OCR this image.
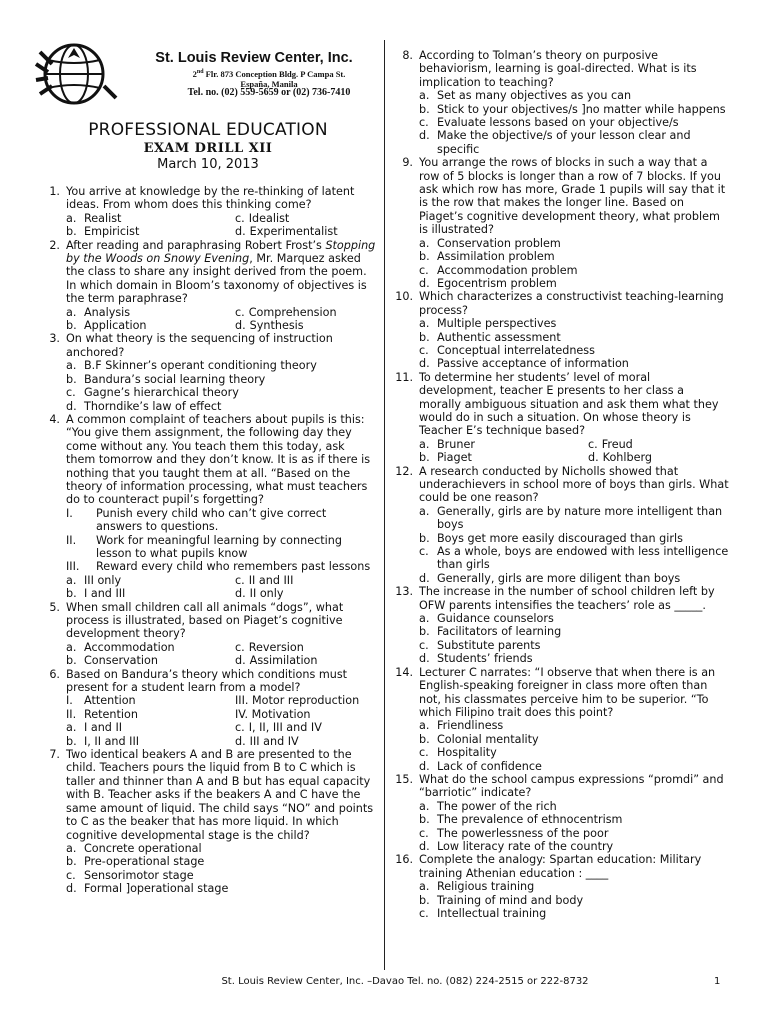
St. Louis Review Center, Inc.
2nd Flr. 873 Conception Bldg. P Campa St.
España, Manila
Tel. no. (02) 559-5659 or (02) 736-7410
PROFESSIONAL EDUCATION
EXAM DRILL XII
March 10, 2013
1. You arrive at knowledge by the re-thinking of latent ideas. From whom does this thinking come?
a. Realist	c. Idealist
b. Empiricist	d. Experimentalist
2. After reading and paraphrasing Robert Frost’s Stopping by the Woods on Snowy Evening, Mr. Marquez asked the class to share any insight derived from the poem. In which domain in Bloom’s taxonomy of objectives is the term paraphrase?
a. Analysis	c. Comprehension
b. Application	d. Synthesis
3. On what theory is the sequencing of instruction anchored?
a. B.F Skinner’s operant conditioning theory
b. Bandura’s social learning theory
c. Gagne’s hierarchical theory
d. Thorndike’s law of effect
4. A common complaint of teachers about pupils is this: “You give them assignment, the following day they come without any. You teach them this today, ask them tomorrow and they don’t know. It is as if there is nothing that you taught them at all. “Based on the theory of information processing, what must teachers do to counteract pupil’s forgetting?
I. Punish every child who can’t give correct answers to questions.
II. Work for meaningful learning by connecting lesson to what pupils know
III. Reward every child who remembers past lessons
a. III only	c. II and III
b. I and III	d. II only
5. When small children call all animals “dogs”, what process is illustrated, based on Piaget’s cognitive development theory?
a. Accommodation	c. Reversion
b. Conservation	d. Assimilation
6. Based on Bandura’s theory which conditions must present for a student learn from a model?
I. Attention	III. Motor reproduction
II. Retention	IV. Motivation
a. I and II	c. I, II, III and IV
b. I, II and III	d. III and IV
7. Two identical beakers A and B are presented to the child. Teachers pours the liquid from B to C which is taller and thinner than A and B but has equal capacity with B. Teacher asks if the beakers A and C have the same amount of liquid. The child says “NO” and points to C as the beaker that has more liquid. In which cognitive developmental stage is the child?
a. Concrete operational
b. Pre-operational stage
c. Sensorimotor stage
d. Formal ]operational stage
8. According to Tolman’s theory on purposive behaviorism, learning is goal-directed. What is its implication to teaching?
a. Set as many objectives as you can
b. Stick to your objectives/s ]no matter while happens
c. Evaluate lessons based on your objective/s
d. Make the objective/s of your lesson clear and specific
9. You arrange the rows of blocks in such a way that a row of 5 blocks is longer than a row of 7 blocks. If you ask which row has more, Grade 1 pupils will say that it is the row that makes the longer line. Based on Piaget’s cognitive development theory, what problem is illustrated?
a. Conservation problem
b. Assimilation problem
c. Accommodation problem
d. Egocentrism problem
10. Which characterizes a constructivist teaching-learning process?
a. Multiple perspectives
b. Authentic assessment
c. Conceptual interrelatedness
d. Passive acceptance of information
11. To determine her students’ level of moral development, teacher E presents to her class a morally ambiguous situation and ask them what they would do in such a situation. On whose theory is Teacher E’s technique based?
a. Bruner	c. Freud
b. Piaget	d. Kohlberg
12. A research conducted by Nicholls showed that underachievers in school more of boys than girls. What could be one reason?
a. Generally, girls are by nature more intelligent than boys
b. Boys get more easily discouraged than girls
c. As a whole, boys are endowed with less intelligence than girls
d. Generally, girls are more diligent than boys
13. The increase in the number of school children left by OFW parents intensifies the teachers’ role as _____.
a. Guidance counselors
b. Facilitators of learning
c. Substitute parents
d. Students’ friends
14. Lecturer C narrates: “I observe that when there is an English-speaking foreigner in class more often than not, his classmates perceive him to be superior. “To which Filipino trait does this point?
a. Friendliness
b. Colonial mentality
c. Hospitality
d. Lack of confidence
15. What do the school campus expressions “promdi” and “barriotic” indicate?
a. The power of the rich
b. The prevalence of ethnocentrism
c. The powerlessness of the poor
d. Low literacy rate of the country
16. Complete the analogy: Spartan education: Military training Athenian education : ____
a. Religious training
b. Training of mind and body
c. Intellectual training
St. Louis Review Center, Inc. –Davao Tel. no. (082) 224-2515 or 222-8732	1
